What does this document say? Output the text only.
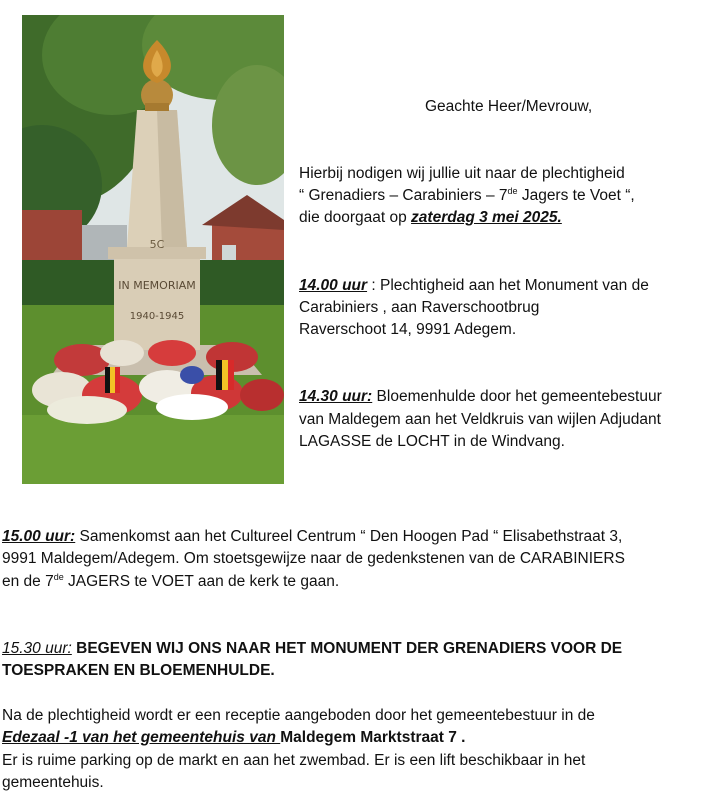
5C
IN MEMORIAM
1940-1945
Geachte Heer/Mevrouw,
Hierbij nodigen wij jullie uit naar de plechtigheid
“ Grenadiers – Carabiniers – 7de Jagers te Voet “,
die doorgaat op zaterdag 3 mei 2025.
14.00 uur : Plechtigheid aan het Monument van de
Carabiniers , aan Raverschootbrug
Raverschoot 14, 9991 Adegem.
14.30 uur: Bloemenhulde door het gemeentebestuur
van Maldegem aan het Veldkruis van wijlen Adjudant
LAGASSE de LOCHT in de Windvang.
15.00 uur: Samenkomst aan het Cultureel Centrum “ Den Hoogen Pad “ Elisabethstraat 3,
9991 Maldegem/Adegem. Om stoetsgewijze naar de gedenkstenen van de CARABINIERS
en de 7de JAGERS te VOET aan de kerk te gaan.
15.30 uur: BEGEVEN WIJ ONS NAAR HET MONUMENT DER GRENADIERS VOOR DE
TOESPRAKEN EN BLOEMENHULDE.
Na de plechtigheid wordt er een receptie aangeboden door het gemeentebestuur in de
Edezaal -1 van het gemeentehuis van Maldegem Marktstraat 7 .
Er is ruime parking op de markt en aan het zwembad. Er is een lift beschikbaar in het
gemeentehuis.
